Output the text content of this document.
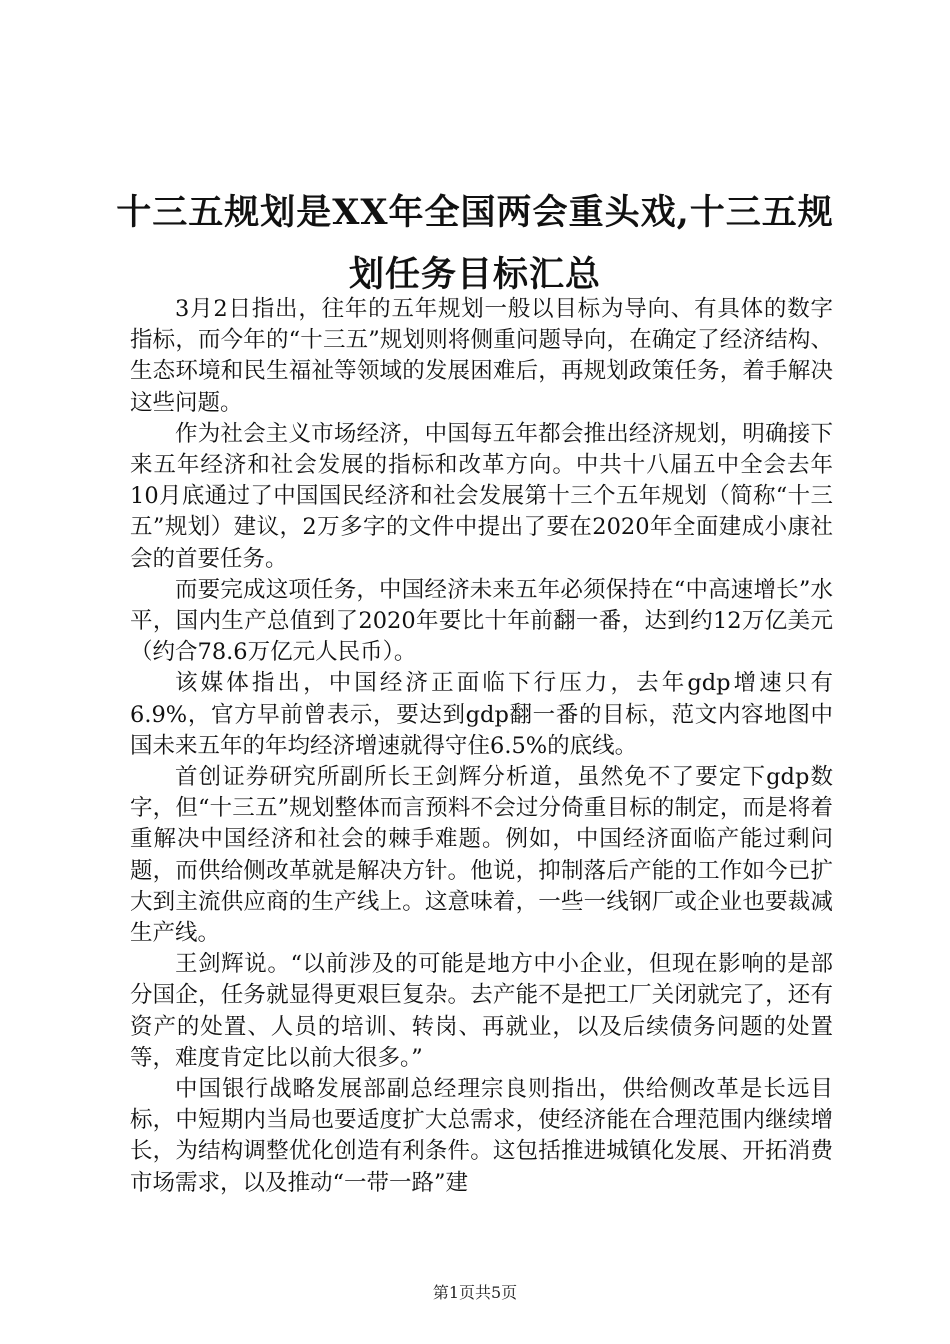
十三五规划是XX年全国两会重头戏,十三五规划任务目标汇总

3月2日指出，往年的五年规划一般以目标为导向、有具体的数字指标，而今年的“十三五”规划则将侧重问题导向，在确定了经济结构、生态环境和民生福祉等领域的发展困难后，再规划政策任务，着手解决这些问题。

作为社会主义市场经济，中国每五年都会推出经济规划，明确接下来五年经济和社会发展的指标和改革方向。中共十八届五中全会去年10月底通过了中国国民经济和社会发展第十三个五年规划（简称“十三五”规划）建议，2万多字的文件中提出了要在2020年全面建成小康社会的首要任务。

而要完成这项任务，中国经济未来五年必须保持在“中高速增长”水平，国内生产总值到了2020年要比十年前翻一番，达到约12万亿美元（约合78.6万亿元人民币）。

该媒体指出，中国经济正面临下行压力，去年gdp增速只有6.9%，官方早前曾表示，要达到gdp翻一番的目标，范文内容地图中国未来五年的年均经济增速就得守住6.5%的底线。

首创证券研究所副所长王剑辉分析道，虽然免不了要定下gdp数字，但“十三五”规划整体而言预料不会过分倚重目标的制定，而是将着重解决中国经济和社会的棘手难题。例如，中国经济面临产能过剩问题，而供给侧改革就是解决方针。他说，抑制落后产能的工作如今已扩大到主流供应商的生产线上。这意味着，一些一线钢厂或企业也要裁减生产线。

王剑辉说。“以前涉及的可能是地方中小企业，但现在影响的是部分国企，任务就显得更艰巨复杂。去产能不是把工厂关闭就完了，还有资产的处置、人员的培训、转岗、再就业，以及后续债务问题的处置等，难度肯定比以前大很多。”

中国银行战略发展部副总经理宗良则指出，供给侧改革是长远目标，中短期内当局也要适度扩大总需求，使经济能在合理范围内继续增长，为结构调整优化创造有利条件。这包括推进城镇化发展、开拓消费市场需求，以及推动“一带一路”建

第1页共5页
